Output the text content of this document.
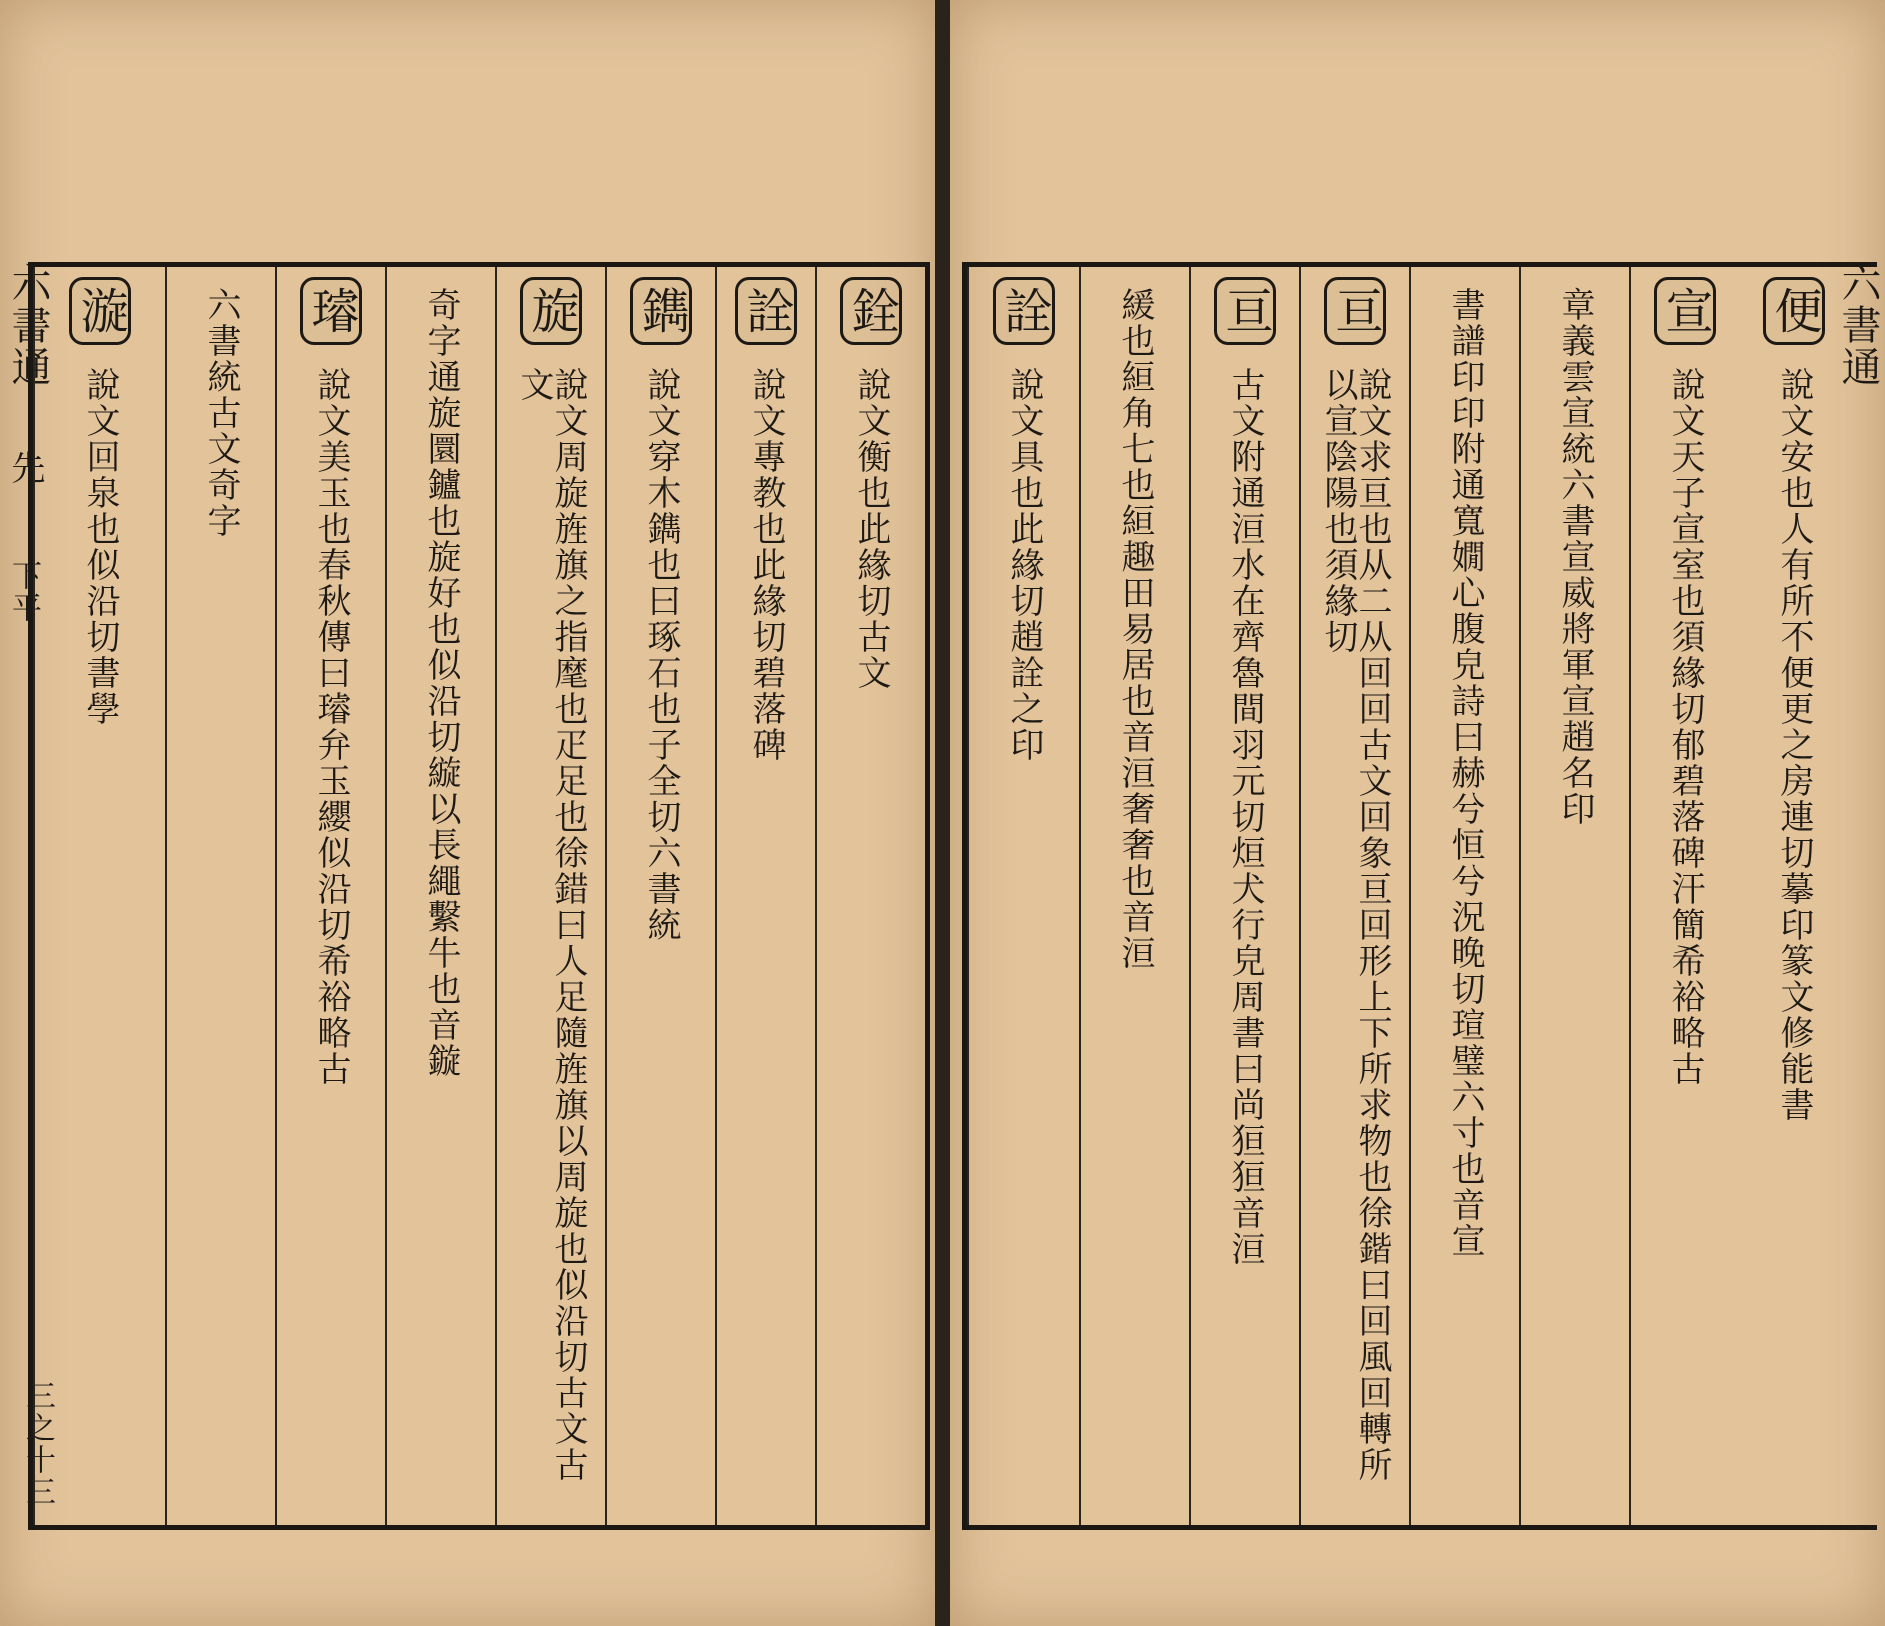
六書通
先
下平
三之十三
銓
說文衡也此緣切古文
詮
說文專教也此緣切碧落碑
鐫
說文穿木鐫也曰琢石也子全切六書統
旋
說文周旋旌旗之指麾也疋足也徐錯曰人足隨旌旗以周旋也似沿切古文古文
奇字通旋圜鑪也旋好也似沿切縼以長繩繫牛也音鏇
璿
說文美玉也春秋傳曰璿弁玉纓似沿切希裕略古
六書統古文奇字
漩
說文回泉也似沿切書學
六書通
便
說文安也人有所不便更之房連切摹印篆文修能書
宣
說文天子宣室也須緣切郁碧落碑汗簡希裕略古
章義雲宣統六書宣威將軍宣趙名印
書譜印印附通寬嫺心腹皃詩曰赫兮恒兮況晚切瑄璧六寸也音宣
亘
說文求亘也从二从回回古文回象亘回形上下所求物也徐鍇曰回風回轉所以宣陰陽也須緣切
亘
古文附通洹水在齊魯間羽元切烜犬行皃周書曰尚狟狟音洹
緩也絙角七也絙趣田易居也音洹奢奢也音洹
詮
說文具也此緣切趙詮之印
